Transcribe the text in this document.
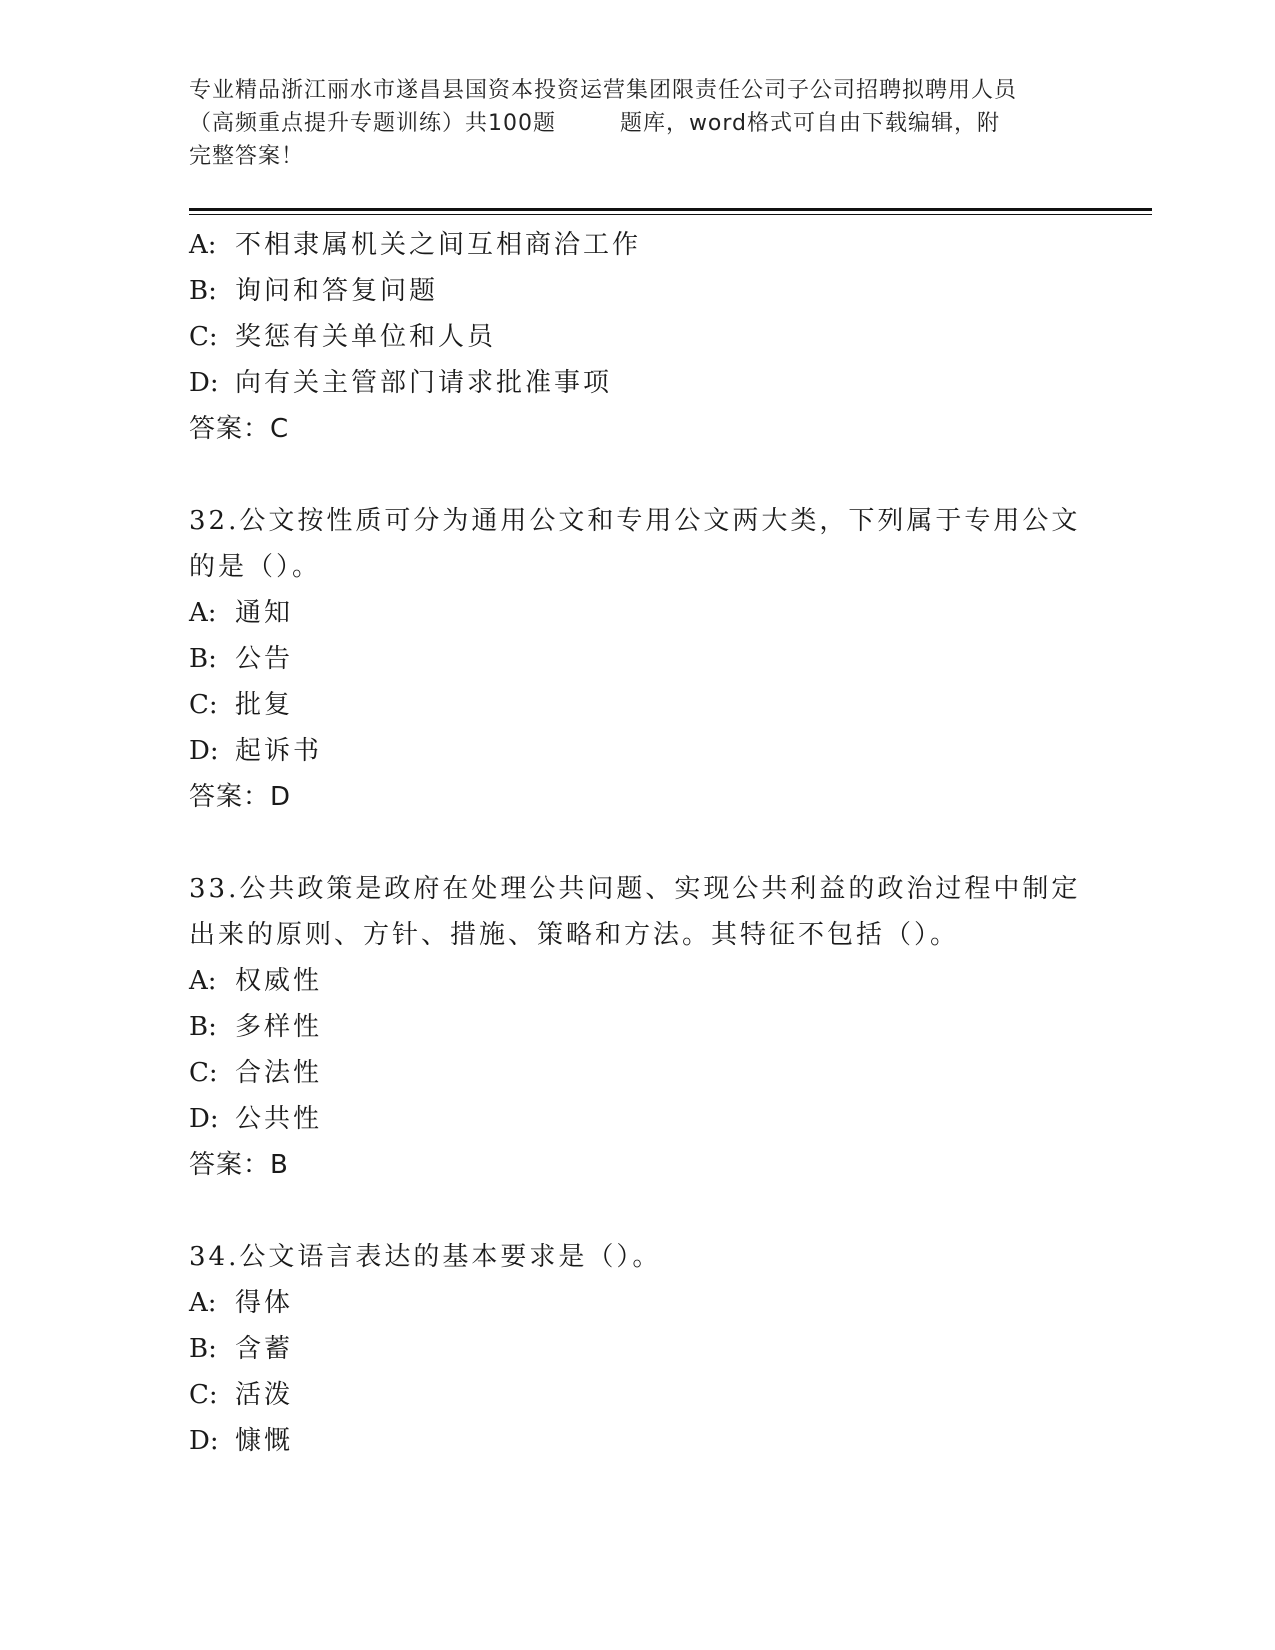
专业精品浙江丽水市遂昌县国资本投资运营集团限责任公司子公司招聘拟聘用人员
（高频重点提升专题训练）共100题        题库，word格式可自由下载编辑，附
完整答案！
A: 不相隶属机关之间互相商洽工作
B: 询问和答复问题
C: 奖惩有关单位和人员
D: 向有关主管部门请求批准事项
答案：C
32.公文按性质可分为通用公文和专用公文两大类，下列属于专用公文
的是（）。
A: 通知
B: 公告
C: 批复
D: 起诉书
答案：D
33.公共政策是政府在处理公共问题、实现公共利益的政治过程中制定
出来的原则、方针、措施、策略和方法。其特征不包括（）。
A: 权威性
B: 多样性
C: 合法性
D: 公共性
答案：B
34.公文语言表达的基本要求是（）。
A: 得体
B: 含蓄
C: 活泼
D: 慷慨
